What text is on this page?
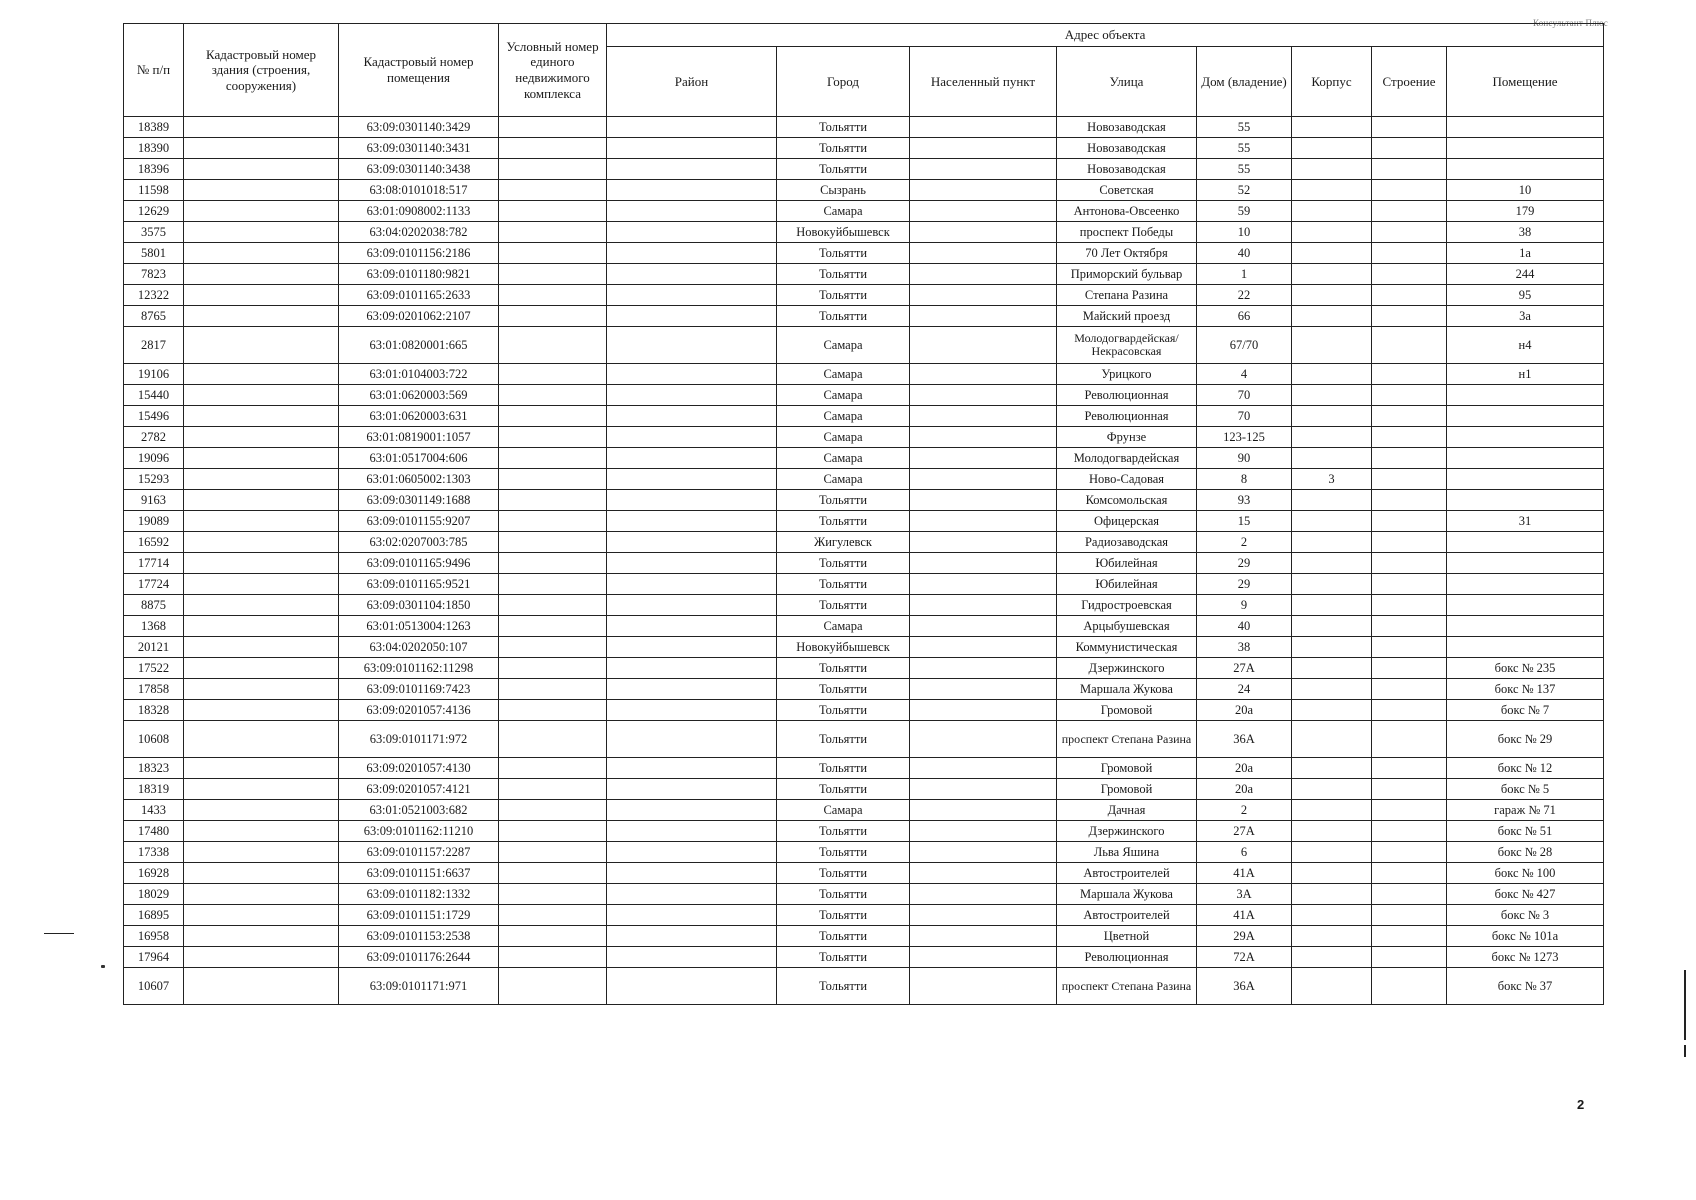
Консультант Плюс
№ п/п	Кадастровый номер здания (строения, сооружения)	Кадастровый номер помещения	Условный номер единого недвижимого комплекса	Адрес объекта							
				Район	Город	Населенный пункт	Улица	Дом (владение)	Корпус	Строение	Помещение
18389		63:09:0301140:3429			Тольятти		Новозаводская	55			
18390		63:09:0301140:3431			Тольятти		Новозаводская	55			
18396		63:09:0301140:3438			Тольятти		Новозаводская	55			
11598		63:08:0101018:517			Сызрань		Советская	52			10
12629		63:01:0908002:1133			Самара		Антонова-Овсеенко	59			179
3575		63:04:0202038:782			Новокуйбышевск		проспект Победы	10			38
5801		63:09:0101156:2186			Тольятти		70 Лет Октября	40			1а
7823		63:09:0101180:9821			Тольятти		Приморский бульвар	1			244
12322		63:09:0101165:2633			Тольятти		Степана Разина	22			95
8765		63:09:0201062:2107			Тольятти		Майский проезд	66			3а
2817		63:01:0820001:665			Самара		Молодогвардейская/Некрасовская	67/70			н4
19106		63:01:0104003:722			Самара		Урицкого	4			н1
15440		63:01:0620003:569			Самара		Революционная	70			
15496		63:01:0620003:631			Самара		Революционная	70			
2782		63:01:0819001:1057			Самара		Фрунзе	123-125			
19096		63:01:0517004:606			Самара		Молодогвардейская	90			
15293		63:01:0605002:1303			Самара		Ново-Садовая	8	3		
9163		63:09:0301149:1688			Тольятти		Комсомольская	93			
19089		63:09:0101155:9207			Тольятти		Офицерская	15			31
16592		63:02:0207003:785			Жигулевск		Радиозаводская	2			
17714		63:09:0101165:9496			Тольятти		Юбилейная	29			
17724		63:09:0101165:9521			Тольятти		Юбилейная	29			
8875		63:09:0301104:1850			Тольятти		Гидростроевская	9			
1368		63:01:0513004:1263			Самара		Арцыбушевская	40			
20121		63:04:0202050:107			Новокуйбышевск		Коммунистическая	38			
17522		63:09:0101162:11298			Тольятти		Дзержинского	27А			бокс № 235
17858		63:09:0101169:7423			Тольятти		Маршала Жукова	24			бокс № 137
18328		63:09:0201057:4136			Тольятти		Громовой	20а			бокс № 7
10608		63:09:0101171:972			Тольятти		проспект Степана Разина	36А			бокс № 29
18323		63:09:0201057:4130			Тольятти		Громовой	20а			бокс № 12
18319		63:09:0201057:4121			Тольятти		Громовой	20а			бокс № 5
1433		63:01:0521003:682			Самара		Дачная	2			гараж № 71
17480		63:09:0101162:11210			Тольятти		Дзержинского	27А			бокс № 51
17338		63:09:0101157:2287			Тольятти		Льва Яшина	6			бокс № 28
16928		63:09:0101151:6637			Тольятти		Автостроителей	41А			бокс № 100
18029		63:09:0101182:1332			Тольятти		Маршала Жукова	3А			бокс № 427
16895		63:09:0101151:1729			Тольятти		Автостроителей	41А			бокс № 3
16958		63:09:0101153:2538			Тольятти		Цветной	29А			бокс № 101а
17964		63:09:0101176:2644			Тольятти		Революционная	72А			бокс № 1273
10607		63:09:0101171:971			Тольятти		проспект Степана Разина	36А			бокс № 37
2
